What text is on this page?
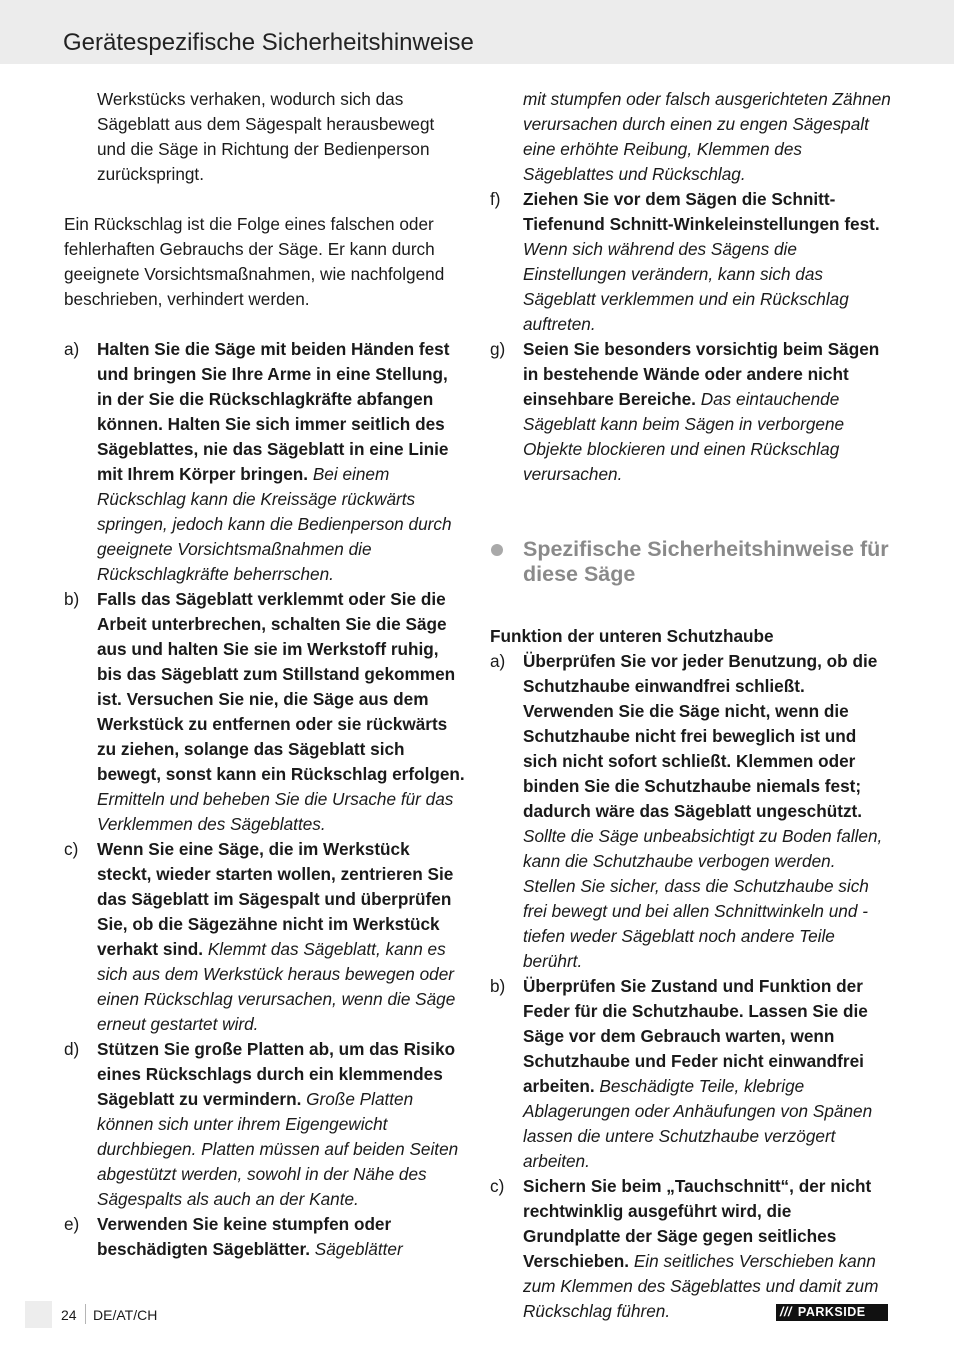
Gerätespezifische Sicherheitshinweise

Werkstücks verhaken, wodurch sich das Sägeblatt aus dem Sägespalt herausbewegt und die Säge in Richtung der Bedienperson zurückspringt.

Ein Rückschlag ist die Folge eines falschen oder fehlerhaften Gebrauchs der Säge. Er kann durch geeignete Vorsichtsmaßnahmen, wie nachfolgend beschrieben, verhindert werden.

a) Halten Sie die Säge mit beiden Händen fest und bringen Sie Ihre Arme in eine Stellung, in der Sie die Rückschlagkräfte abfangen können. Halten Sie sich immer seitlich des Sägeblattes, nie das Sägeblatt in eine Linie mit Ihrem Körper bringen. Bei einem Rückschlag kann die Kreissäge rückwärts springen, jedoch kann die Bedienperson durch geeignete Vorsichtsmaßnahmen die Rückschlagkräfte beherrschen.
b) Falls das Sägeblatt verklemmt oder Sie die Arbeit unterbrechen, schalten Sie die Säge aus und halten Sie sie im Werkstoff ruhig, bis das Sägeblatt zum Stillstand gekommen ist. Versuchen Sie nie, die Säge aus dem Werkstück zu entfernen oder sie rückwärts zu ziehen, solange das Sägeblatt sich bewegt, sonst kann ein Rückschlag erfolgen. Ermitteln und beheben Sie die Ursache für das Verklemmen des Sägeblattes.
c) Wenn Sie eine Säge, die im Werkstück steckt, wieder starten wollen, zentrieren Sie das Sägeblatt im Sägespalt und überprüfen Sie, ob die Sägezähne nicht im Werkstück verhakt sind. Klemmt das Sägeblatt, kann es sich aus dem Werkstück heraus bewegen oder einen Rückschlag verursachen, wenn die Säge erneut gestartet wird.
d) Stützen Sie große Platten ab, um das Risiko eines Rückschlags durch ein klemmendes Sägeblatt zu vermindern. Große Platten können sich unter ihrem Eigengewicht durchbiegen. Platten müssen auf beiden Seiten abgestützt werden, sowohl in der Nähe des Sägespalts als auch an der Kante.
e) Verwenden Sie keine stumpfen oder beschädigten Sägeblätter. Sägeblätter
mit stumpfen oder falsch ausgerichteten Zähnen verursachen durch einen zu engen Sägespalt eine erhöhte Reibung, Klemmen des Sägeblattes und Rückschlag.
f) Ziehen Sie vor dem Sägen die Schnitt-Tiefenund Schnitt-Winkeleinstellungen fest. Wenn sich während des Sägens die Einstellungen verändern, kann sich das Sägeblatt verklemmen und ein Rückschlag auftreten.
g) Seien Sie besonders vorsichtig beim Sägen in bestehende Wände oder andere nicht einsehbare Bereiche. Das eintauchende Sägeblatt kann beim Sägen in verborgene Objekte blockieren und einen Rückschlag verursachen.
Spezifische Sicherheitshinweise für diese Säge
Funktion der unteren Schutzhaube
a) Überprüfen Sie vor jeder Benutzung, ob die Schutzhaube einwandfrei schließt. Verwenden Sie die Säge nicht, wenn die Schutzhaube nicht frei beweglich ist und sich nicht sofort schließt. Klemmen oder binden Sie die Schutzhaube niemals fest; dadurch wäre das Sägeblatt ungeschützt. Sollte die Säge unbeabsichtigt zu Boden fallen, kann die Schutzhaube verbogen werden. Stellen Sie sicher, dass die Schutzhaube sich frei bewegt und bei allen Schnittwinkeln und -tiefen weder Sägeblatt noch andere Teile berührt.
b) Überprüfen Sie Zustand und Funktion der Feder für die Schutzhaube. Lassen Sie die Säge vor dem Gebrauch warten, wenn Schutzhaube und Feder nicht einwandfrei arbeiten. Beschädigte Teile, klebrige Ablagerungen oder Anhäufungen von Spänen lassen die untere Schutzhaube verzögert arbeiten.
c) Sichern Sie beim „Tauchschnitt“, der nicht rechtwinklig ausgeführt wird, die Grundplatte der Säge gegen seitliches Verschieben. Ein seitliches Verschieben kann zum Klemmen des Sägeblattes und damit zum Rückschlag führen.
24 DE/AT/CH	/// PARKSIDE
